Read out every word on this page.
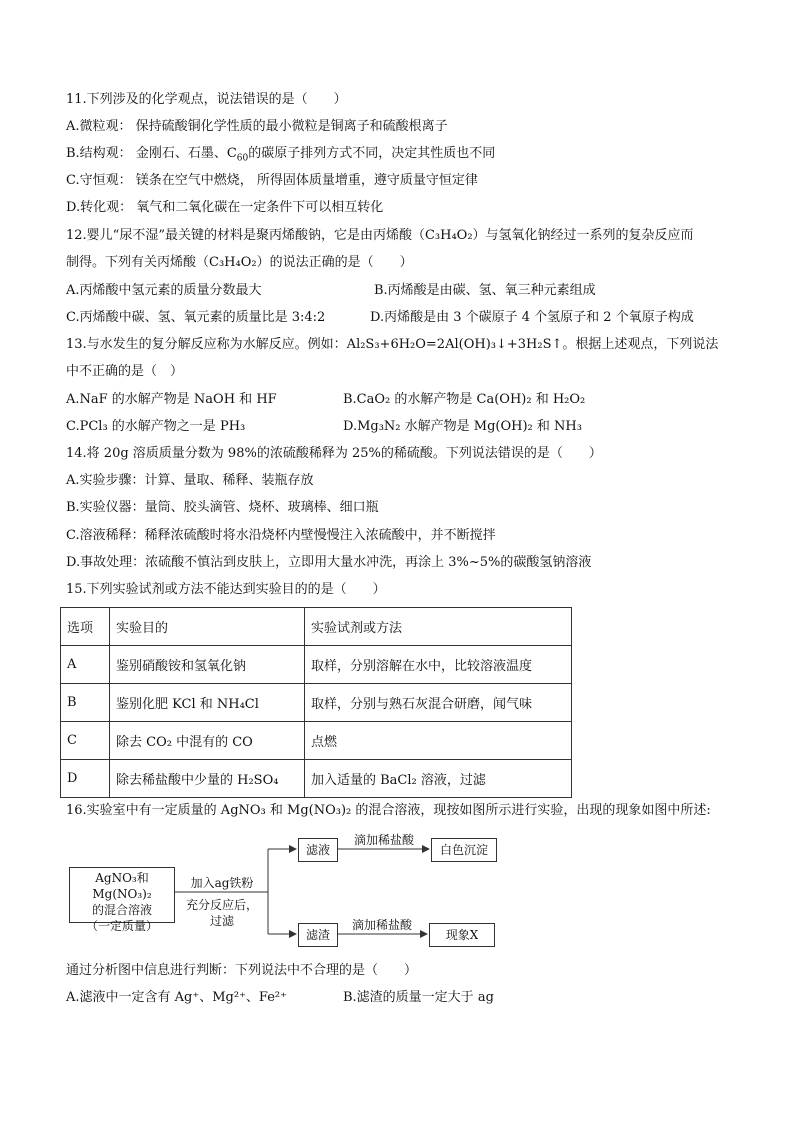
11.下列涉及的化学观点，说法错误的是（　　）
A.微粒观： 保持硫酸铜化学性质的最小微粒是铜离子和硫酸根离子
B.结构观： 金刚石、石墨、$C_{60}$的碳原子排列方式不同，决定其性质也不同
C.守恒观： 镁条在空气中燃烧， 所得固体质量增重，遵守质量守恒定律
D.转化观： 氧气和二氧化碳在一定条件下可以相互转化
12.婴儿“尿不湿”最关键的材料是聚丙烯酸钠，它是由丙烯酸（C₃H₄O₂）与氢氧化钠经过一系列的复杂反应而
制得。下列有关丙烯酸（C₃H₄O₂）的说法正确的是（　　）
A.丙烯酸中氢元素的质量分数最大	B.丙烯酸是由碳、氢、氧三种元素组成
C.丙烯酸中碳、氢、氧元素的质量比是 3:4:2	D.丙烯酸是由 3 个碳原子 4 个氢原子和 2 个氧原子构成
13.与水发生的复分解反应称为水解反应。例如：Al₂S₃+6H₂O=2Al(OH)₃↓+3H₂S↑。根据上述观点，下列说法
中不正确的是（　）
A.NaF 的水解产物是 NaOH 和 HF	B.CaO₂ 的水解产物是 Ca(OH)₂ 和 H₂O₂
C.PCl₃ 的水解产物之一是 PH₃	D.Mg₃N₂ 水解产物是 Mg(OH)₂ 和 NH₃
14.将 20g 溶质质量分数为 98%的浓硫酸稀释为 25%的稀硫酸。下列说法错误的是（　　）
A.实验步骤：计算、量取、稀释、装瓶存放
B.实验仪器：量筒、胶头滴管、烧杯、玻璃棒、细口瓶
C.溶液稀释：稀释浓硫酸时将水沿烧杯内壁慢慢注入浓硫酸中，并不断搅拌
D.事故处理：浓硫酸不慎沾到皮肤上，立即用大量水冲洗，再涂上 3%~5%的碳酸氢钠溶液
15.下列实验试剂或方法不能达到实验目的的是（　　）
选项	实验目的	实验试剂或方法
A	鉴别硝酸铵和氢氧化钠	取样，分别溶解在水中，比较溶液温度
B	鉴别化肥 KCl 和 NH₄Cl	取样，分别与熟石灰混合研磨，闻气味
C	除去 CO₂ 中混有的 CO	点燃
D	除去稀盐酸中少量的 H₂SO₄	加入适量的 BaCl₂ 溶液，过滤
16.实验室中有一定质量的 AgNO₃ 和 Mg(NO₃)₂ 的混合溶液，现按如图所示进行实验，出现的现象如图中所述:
AgNO₃和Mg(NO₃)₂
的混合溶液
（一定质量）
加入ag铁粉
充分反应后，
过滤
滤液
滤渣
滴加稀盐酸
滴加稀盐酸
白色沉淀
现象X
通过分析图中信息进行判断：下列说法中不合理的是（　　）
A.滤液中一定含有 Ag⁺、Mg²⁺、Fe²⁺	B.滤渣的质量一定大于 ag
